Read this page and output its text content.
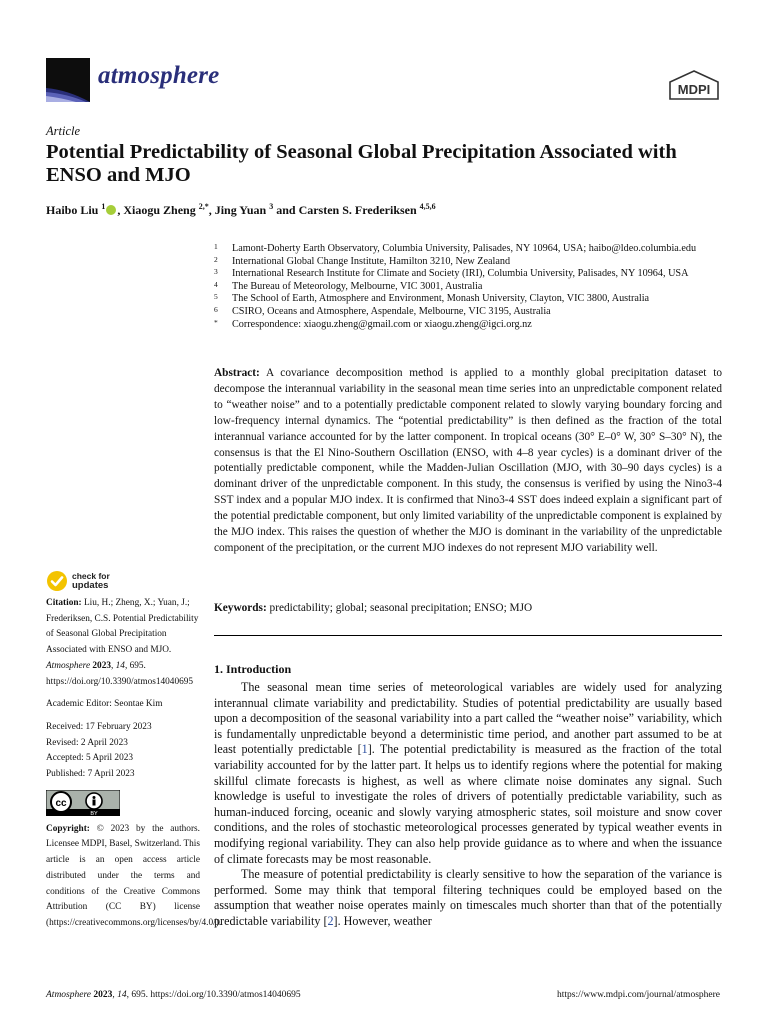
atmosphere
MDPI
Article
Potential Predictability of Seasonal Global Precipitation Associated with ENSO and MJO
Haibo Liu $^1$ , Xiaogu Zheng $^{2,*}$, Jing Yuan $^3$ and Carsten S. Frederiksen $^{4,5,6}$
1 Lamont-Doherty Earth Observatory, Columbia University, Palisades, NY 10964, USA; haibo@ldeo.columbia.edu
2 International Global Change Institute, Hamilton 3210, New Zealand
3 International Research Institute for Climate and Society (IRI), Columbia University, Palisades, NY 10964, USA
4 The Bureau of Meteorology, Melbourne, VIC 3001, Australia
5 The School of Earth, Atmosphere and Environment, Monash University, Clayton, VIC 3800, Australia
6 CSIRO, Oceans and Atmosphere, Aspendale, Melbourne, VIC 3195, Australia
* Correspondence: xiaogu.zheng@gmail.com or xiaogu.zheng@igci.org.nz

Abstract: A covariance decomposition method is applied to a monthly global precipitation dataset to decompose the interannual variability in the seasonal mean time series into an unpredictable component related to “weather noise” and to a potentially predictable component related to slowly varying boundary forcing and low-frequency internal dynamics. The “potential predictability” is then defined as the fraction of the total interannual variance accounted for by the latter component. In tropical oceans (30° E–0° W, 30° S–30° N), the consensus is that the El Nino-Southern Oscillation (ENSO, with 4–8 year cycles) is a dominant driver of the potentially predictable component, while the Madden-Julian Oscillation (MJO, with 30–90 days cycles) is a dominant driver of the unpredictable component. In this study, the consensus is verified by using the Nino3-4 SST index and a popular MJO index. It is confirmed that Nino3-4 SST does indeed explain a significant part of the potential predictable component, but only limited variability of the unpredictable component is explained by the MJO index. This raises the question of whether the MJO is dominant in the variability of the unpredictable component of the precipitation, or the current MJO indexes do not represent MJO variability well.

Keywords: predictability; global; seasonal precipitation; ENSO; MJO
check for
updates
Citation: Liu, H.; Zheng, X.; Yuan, J.; Frederiksen, C.S. Potential Predictability of Seasonal Global Precipitation Associated with ENSO and MJO. Atmosphere 2023, 14, 695. https://doi.org/10.3390/atmos14040695
Academic Editor: Seontae Kim
Received: 17 February 2023
Revised: 2 April 2023
Accepted: 5 April 2023
Published: 7 April 2023
cc
BY
Copyright: © 2023 by the authors. Licensee MDPI, Basel, Switzerland. This article is an open access article distributed under the terms and conditions of the Creative Commons Attribution (CC BY) license (https://creativecommons.org/licenses/by/4.0/).
1. Introduction

The seasonal mean time series of meteorological variables are widely used for analyzing interannual climate variability and predictability. Studies of potential predictability are usually based upon a decomposition of the seasonal variability into a part called the “weather noise” variability, which is fundamentally unpredictable beyond a deterministic time period, and another part assumed to be at least potentially predictable [1]. The potential predictability is measured as the fraction of the total variability accounted for by the latter part. It helps us to identify regions where the potential for making skillful climate forecasts is highest, as well as where climate noise dominates any signal. Such knowledge is useful to investigate the roles of drivers of potentially predictable variability, such as human-induced forcing, oceanic and slowly varying atmospheric states, soil moisture and snow cover conditions, and the roles of stochastic meteorological processes generated by typical weather events in modifying regional variability. They can also help provide guidance as to where and when the issuance of climate forecasts may be most reasonable.

The measure of potential predictability is clearly sensitive to how the separation of the variance is performed. Some may think that temporal filtering techniques could be employed based on the assumption that weather noise operates mainly on timescales much shorter than that of the potentially predictable variability [2]. However, weather

Atmosphere 2023, 14, 695. https://doi.org/10.3390/atmos14040695	https://www.mdpi.com/journal/atmosphere
